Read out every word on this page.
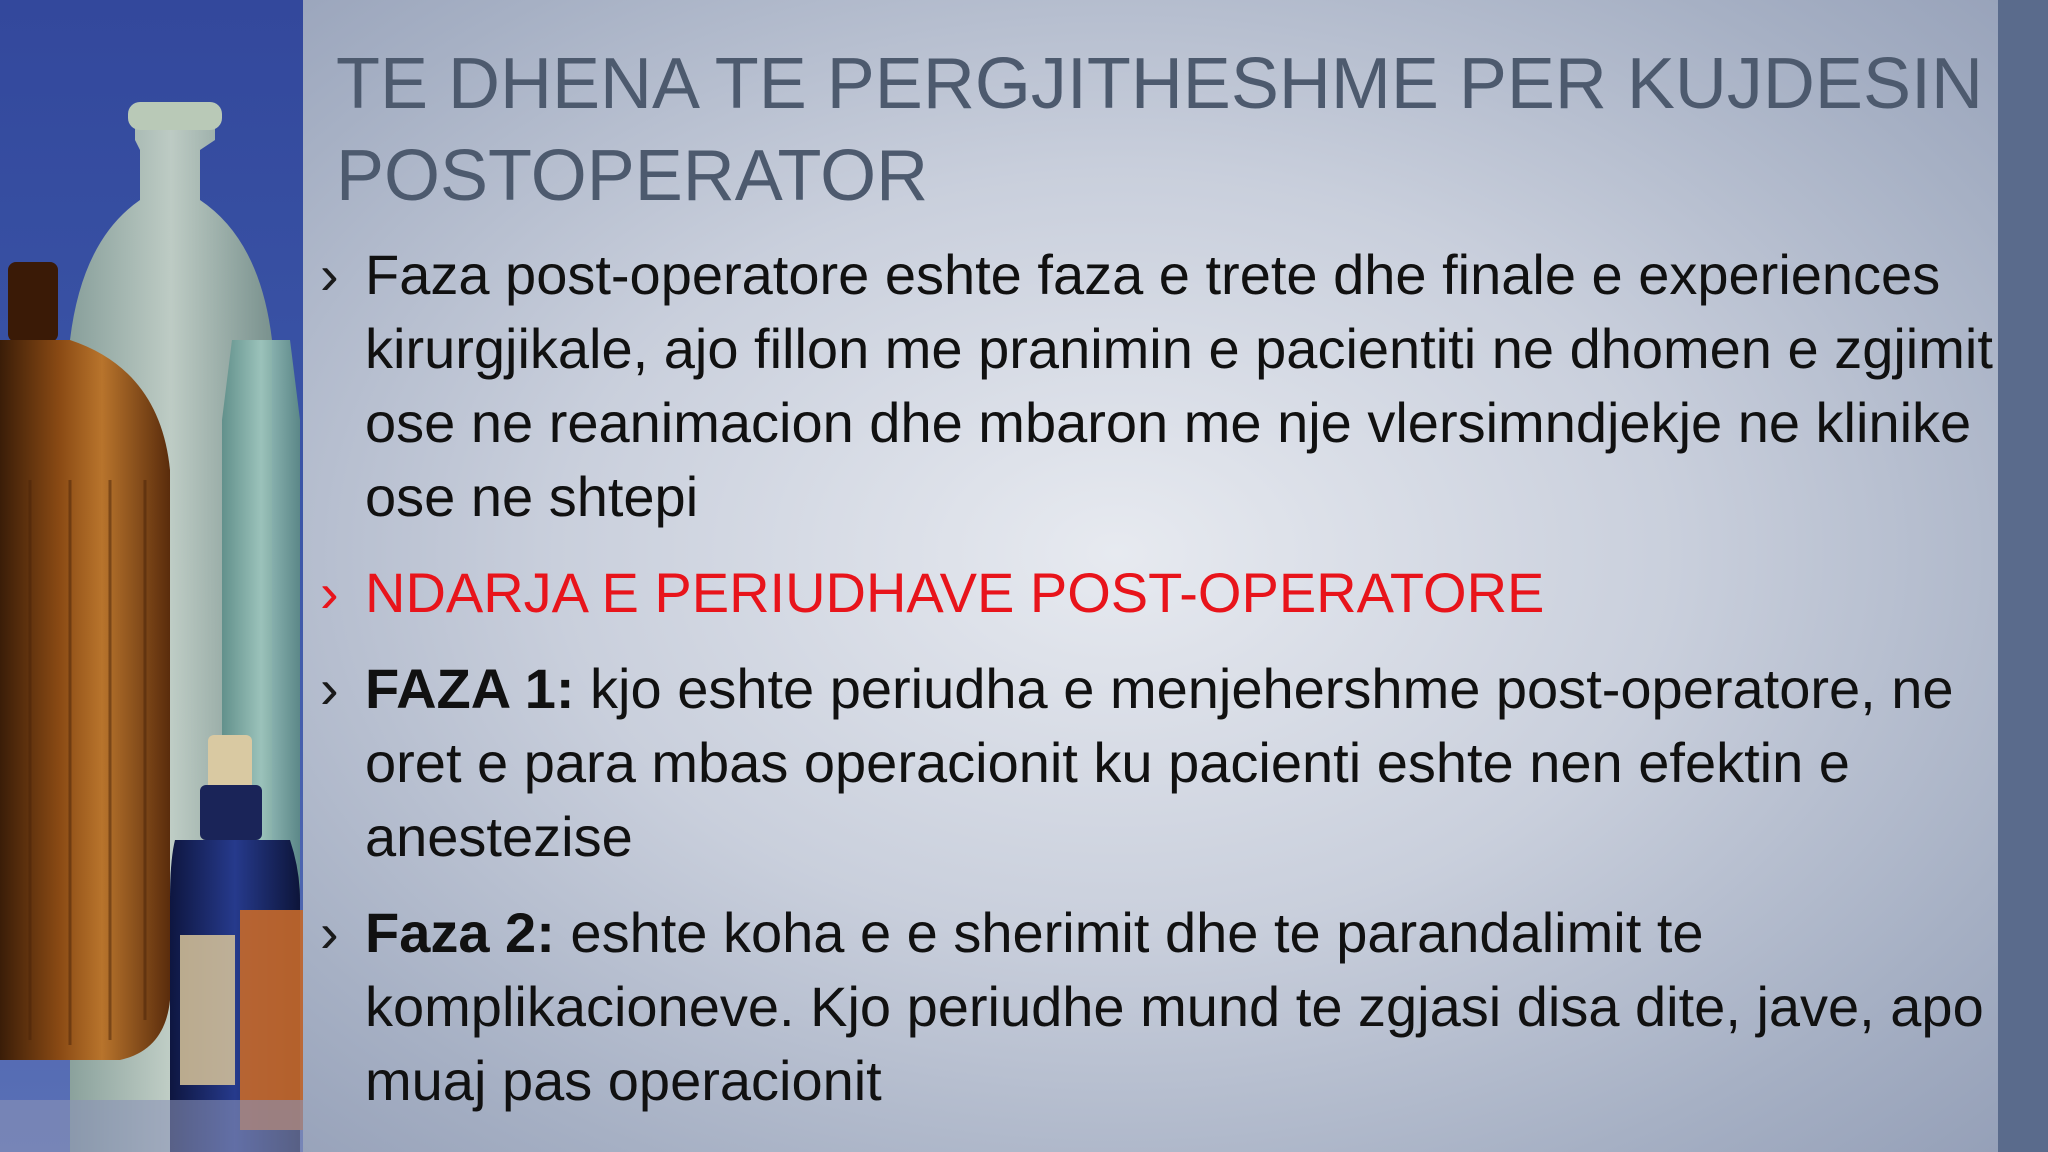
TE DHENA TE PERGJITHESHME PER KUJDESIN POSTOPERATOR
› Faza post-operatore eshte faza e trete dhe finale e experiences kirurgjikale, ajo fillon me pranimin e pacientiti ne dhomen e zgjimit ose ne reanimacion dhe mbaron me nje vlersimndjekje ne klinike ose ne shtepi
› NDARJA E PERIUDHAVE POST-OPERATORE
› FAZA 1: kjo eshte periudha e menjehershme post-operatore, ne oret e para mbas operacionit ku pacienti eshte nen efektin e anestezise
› Faza 2: eshte koha e e sherimit dhe te parandalimit te komplikacioneve. Kjo periudhe mund te zgjasi disa dite, jave, apo muaj pas operacionit
